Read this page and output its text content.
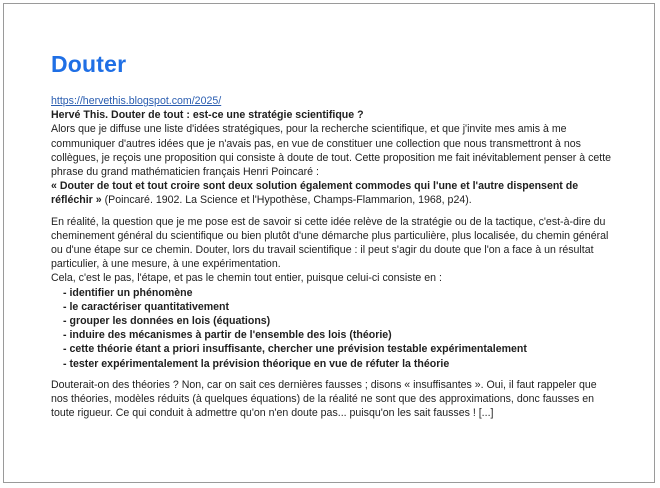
Douter
https://hervethis.blogspot.com/2025/
Hervé This. Douter de tout : est-ce une stratégie scientifique ?

Alors que je diffuse une liste d'idées stratégiques, pour la recherche scientifique, et que j'invite mes amis à me communiquer d'autres idées que je n'avais pas, en vue de constituer une collection que nous transmettront à nos collègues, je reçois une proposition qui consiste à doute de tout. Cette proposition me fait inévitablement penser à cette phrase du grand mathématicien français Henri Poincaré :

« Douter de tout et tout croire sont deux solution également commodes qui l'une et l'autre dispensent de réfléchir » (Poincaré. 1902. La Science et l'Hypothèse, Champs-Flammarion, 1968, p24).

En réalité, la question que je me pose est de savoir si cette idée relève de la stratégie ou de la tactique, c'est-à-dire du cheminement général du scientifique ou bien plutôt d'une démarche plus particulière, plus localisée, du chemin général ou d'une étape sur ce chemin. Douter, lors du travail scientifique : il peut s'agir du doute que l'on a face à un résultat particulier, à une mesure, à une expérimentation.

Cela, c'est le pas, l'étape, et pas le chemin tout entier, puisque celui-ci consiste en :

- identifier un phénomène
- le caractériser quantitativement
- grouper les données en lois (équations)
- induire des mécanismes à partir de l'ensemble des lois (théorie)
- cette théorie étant a priori insuffisante, chercher une prévision testable expérimentalement
- tester expérimentalement la prévision théorique en vue de réfuter la théorie

Douterait-on des théories ? Non, car on sait ces dernières fausses ; disons « insuffisantes ». Oui, il faut rappeler que nos théories, modèles réduits (à quelques équations) de la réalité ne sont que des approximations, donc fausses en toute rigueur. Ce qui conduit à admettre qu'on n'en doute pas... puisqu'on les sait fausses ! [...]
